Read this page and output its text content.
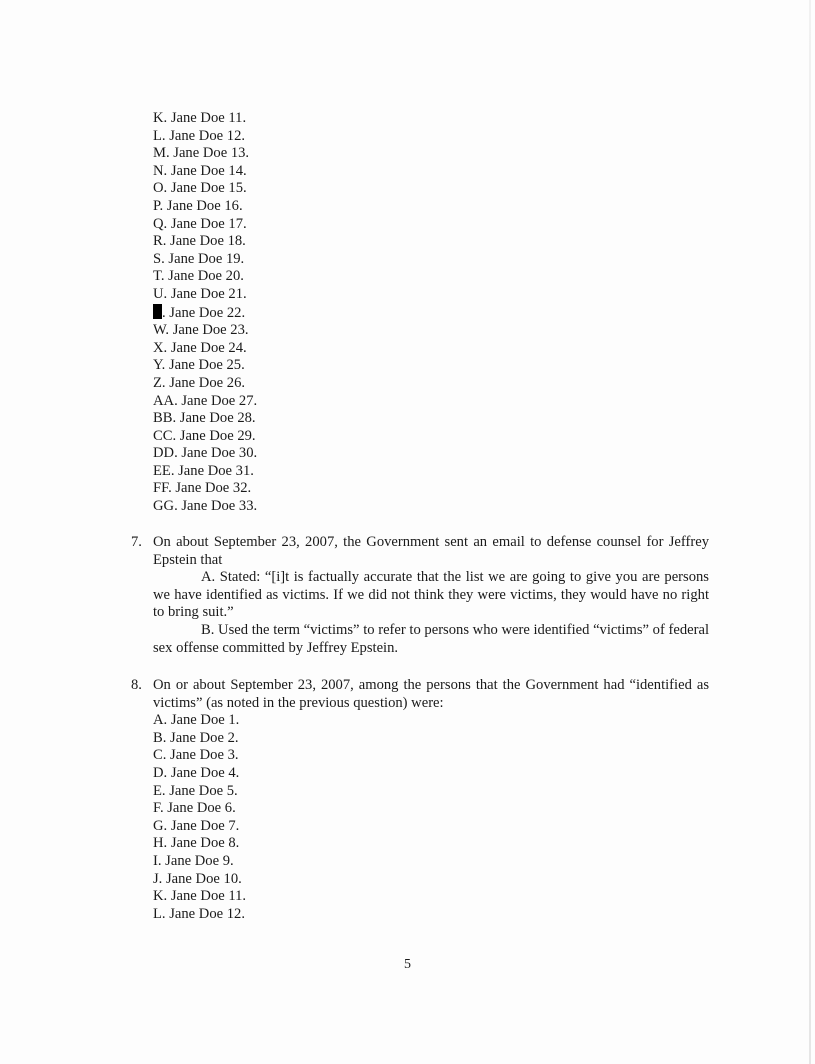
K. Jane Doe 11.
L. Jane Doe 12.
M. Jane Doe 13.
N. Jane Doe 14.
O. Jane Doe 15.
P. Jane Doe 16.
Q. Jane Doe 17.
R. Jane Doe 18.
S. Jane Doe 19.
T. Jane Doe 20.
U. Jane Doe 21.
. Jane Doe 22.
W. Jane Doe 23.
X. Jane Doe 24.
Y. Jane Doe 25.
Z. Jane Doe 26.
AA. Jane Doe 27.
BB. Jane Doe 28.
CC. Jane Doe 29.
DD. Jane Doe 30.
EE. Jane Doe 31.
FF. Jane Doe 32.
GG. Jane Doe 33.
7. On about September 23, 2007, the Government sent an email to defense counsel for Jeffrey Epstein that
A. Stated: “[i]t is factually accurate that the list we are going to give you are persons we have identified as victims. If we did not think they were victims, they would have no right to bring suit.”
B. Used the term “victims” to refer to persons who were identified “victims” of federal sex offense committed by Jeffrey Epstein.
8. On or about September 23, 2007, among the persons that the Government had “identified as victims” (as noted in the previous question) were:
A. Jane Doe 1.
B. Jane Doe 2.
C. Jane Doe 3.
D. Jane Doe 4.
E. Jane Doe 5.
F. Jane Doe 6.
G. Jane Doe 7.
H. Jane Doe 8.
I. Jane Doe 9.
J. Jane Doe 10.
K. Jane Doe 11.
L. Jane Doe 12.
5
